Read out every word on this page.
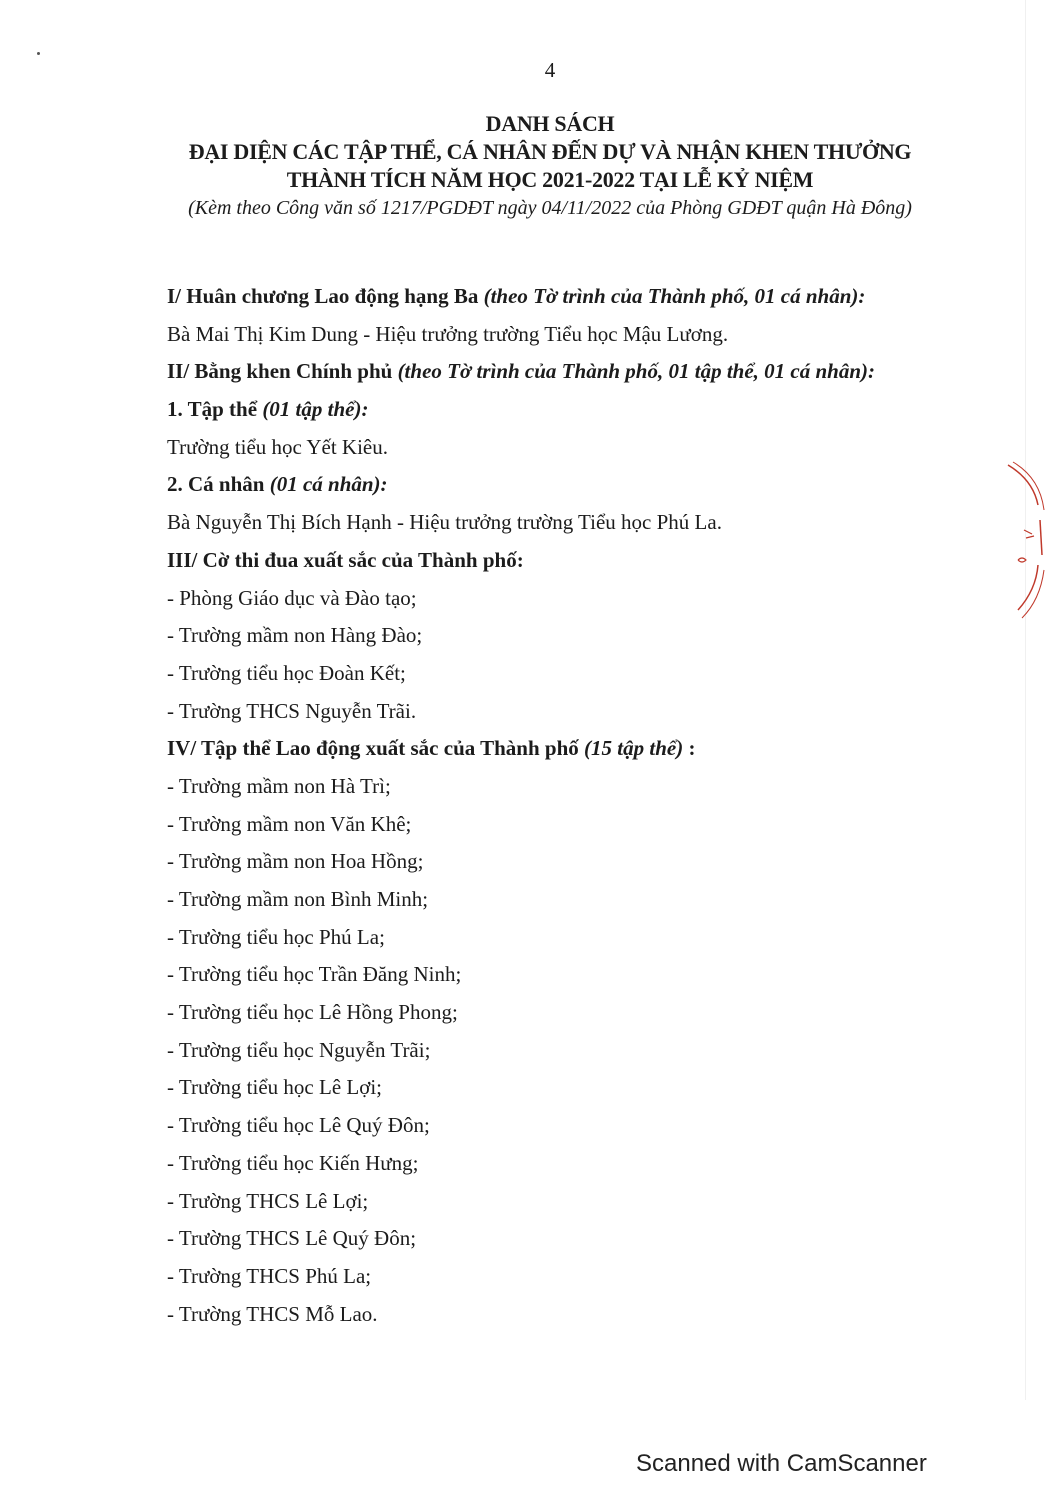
4
DANH SÁCH
ĐẠI DIỆN CÁC TẬP THỂ, CÁ NHÂN ĐẾN DỰ VÀ NHẬN KHEN THƯỞNG
THÀNH TÍCH NĂM HỌC 2021-2022 TẠI LỄ KỶ NIỆM
(Kèm theo Công văn số 1217/PGDĐT ngày 04/11/2022 của Phòng GDĐT quận Hà Đông)
I/ Huân chương Lao động hạng Ba (theo Tờ trình của Thành phố, 01 cá nhân):
Bà Mai Thị Kim Dung - Hiệu trưởng trường Tiểu học Mậu Lương.
II/ Bằng khen Chính phủ (theo Tờ trình của Thành phố, 01 tập thể, 01 cá nhân):
1. Tập thể (01 tập thể):
Trường tiểu học Yết Kiêu.
2. Cá nhân (01 cá nhân):
Bà Nguyễn Thị Bích Hạnh - Hiệu trưởng trường Tiểu học Phú La.
III/ Cờ thi đua xuất sắc của Thành phố:
- Phòng Giáo dục và Đào tạo;
- Trường mầm non Hàng Đào;
- Trường tiểu học Đoàn Kết;
- Trường THCS Nguyễn Trãi.
IV/ Tập thể Lao động xuất sắc của Thành phố (15 tập thể) :
- Trường mầm non Hà Trì;
- Trường mầm non Văn Khê;
- Trường mầm non Hoa Hồng;
- Trường mầm non Bình Minh;
- Trường tiểu học Phú La;
- Trường tiểu học Trần Đăng Ninh;
- Trường tiểu học Lê Hồng Phong;
- Trường tiểu học Nguyễn Trãi;
- Trường tiểu học Lê Lợi;
- Trường tiểu học Lê Quý Đôn;
- Trường tiểu học Kiến Hưng;
- Trường THCS Lê Lợi;
- Trường THCS Lê Quý Đôn;
- Trường THCS Phú La;
- Trường THCS Mỗ Lao.
Scanned with CamScanner
